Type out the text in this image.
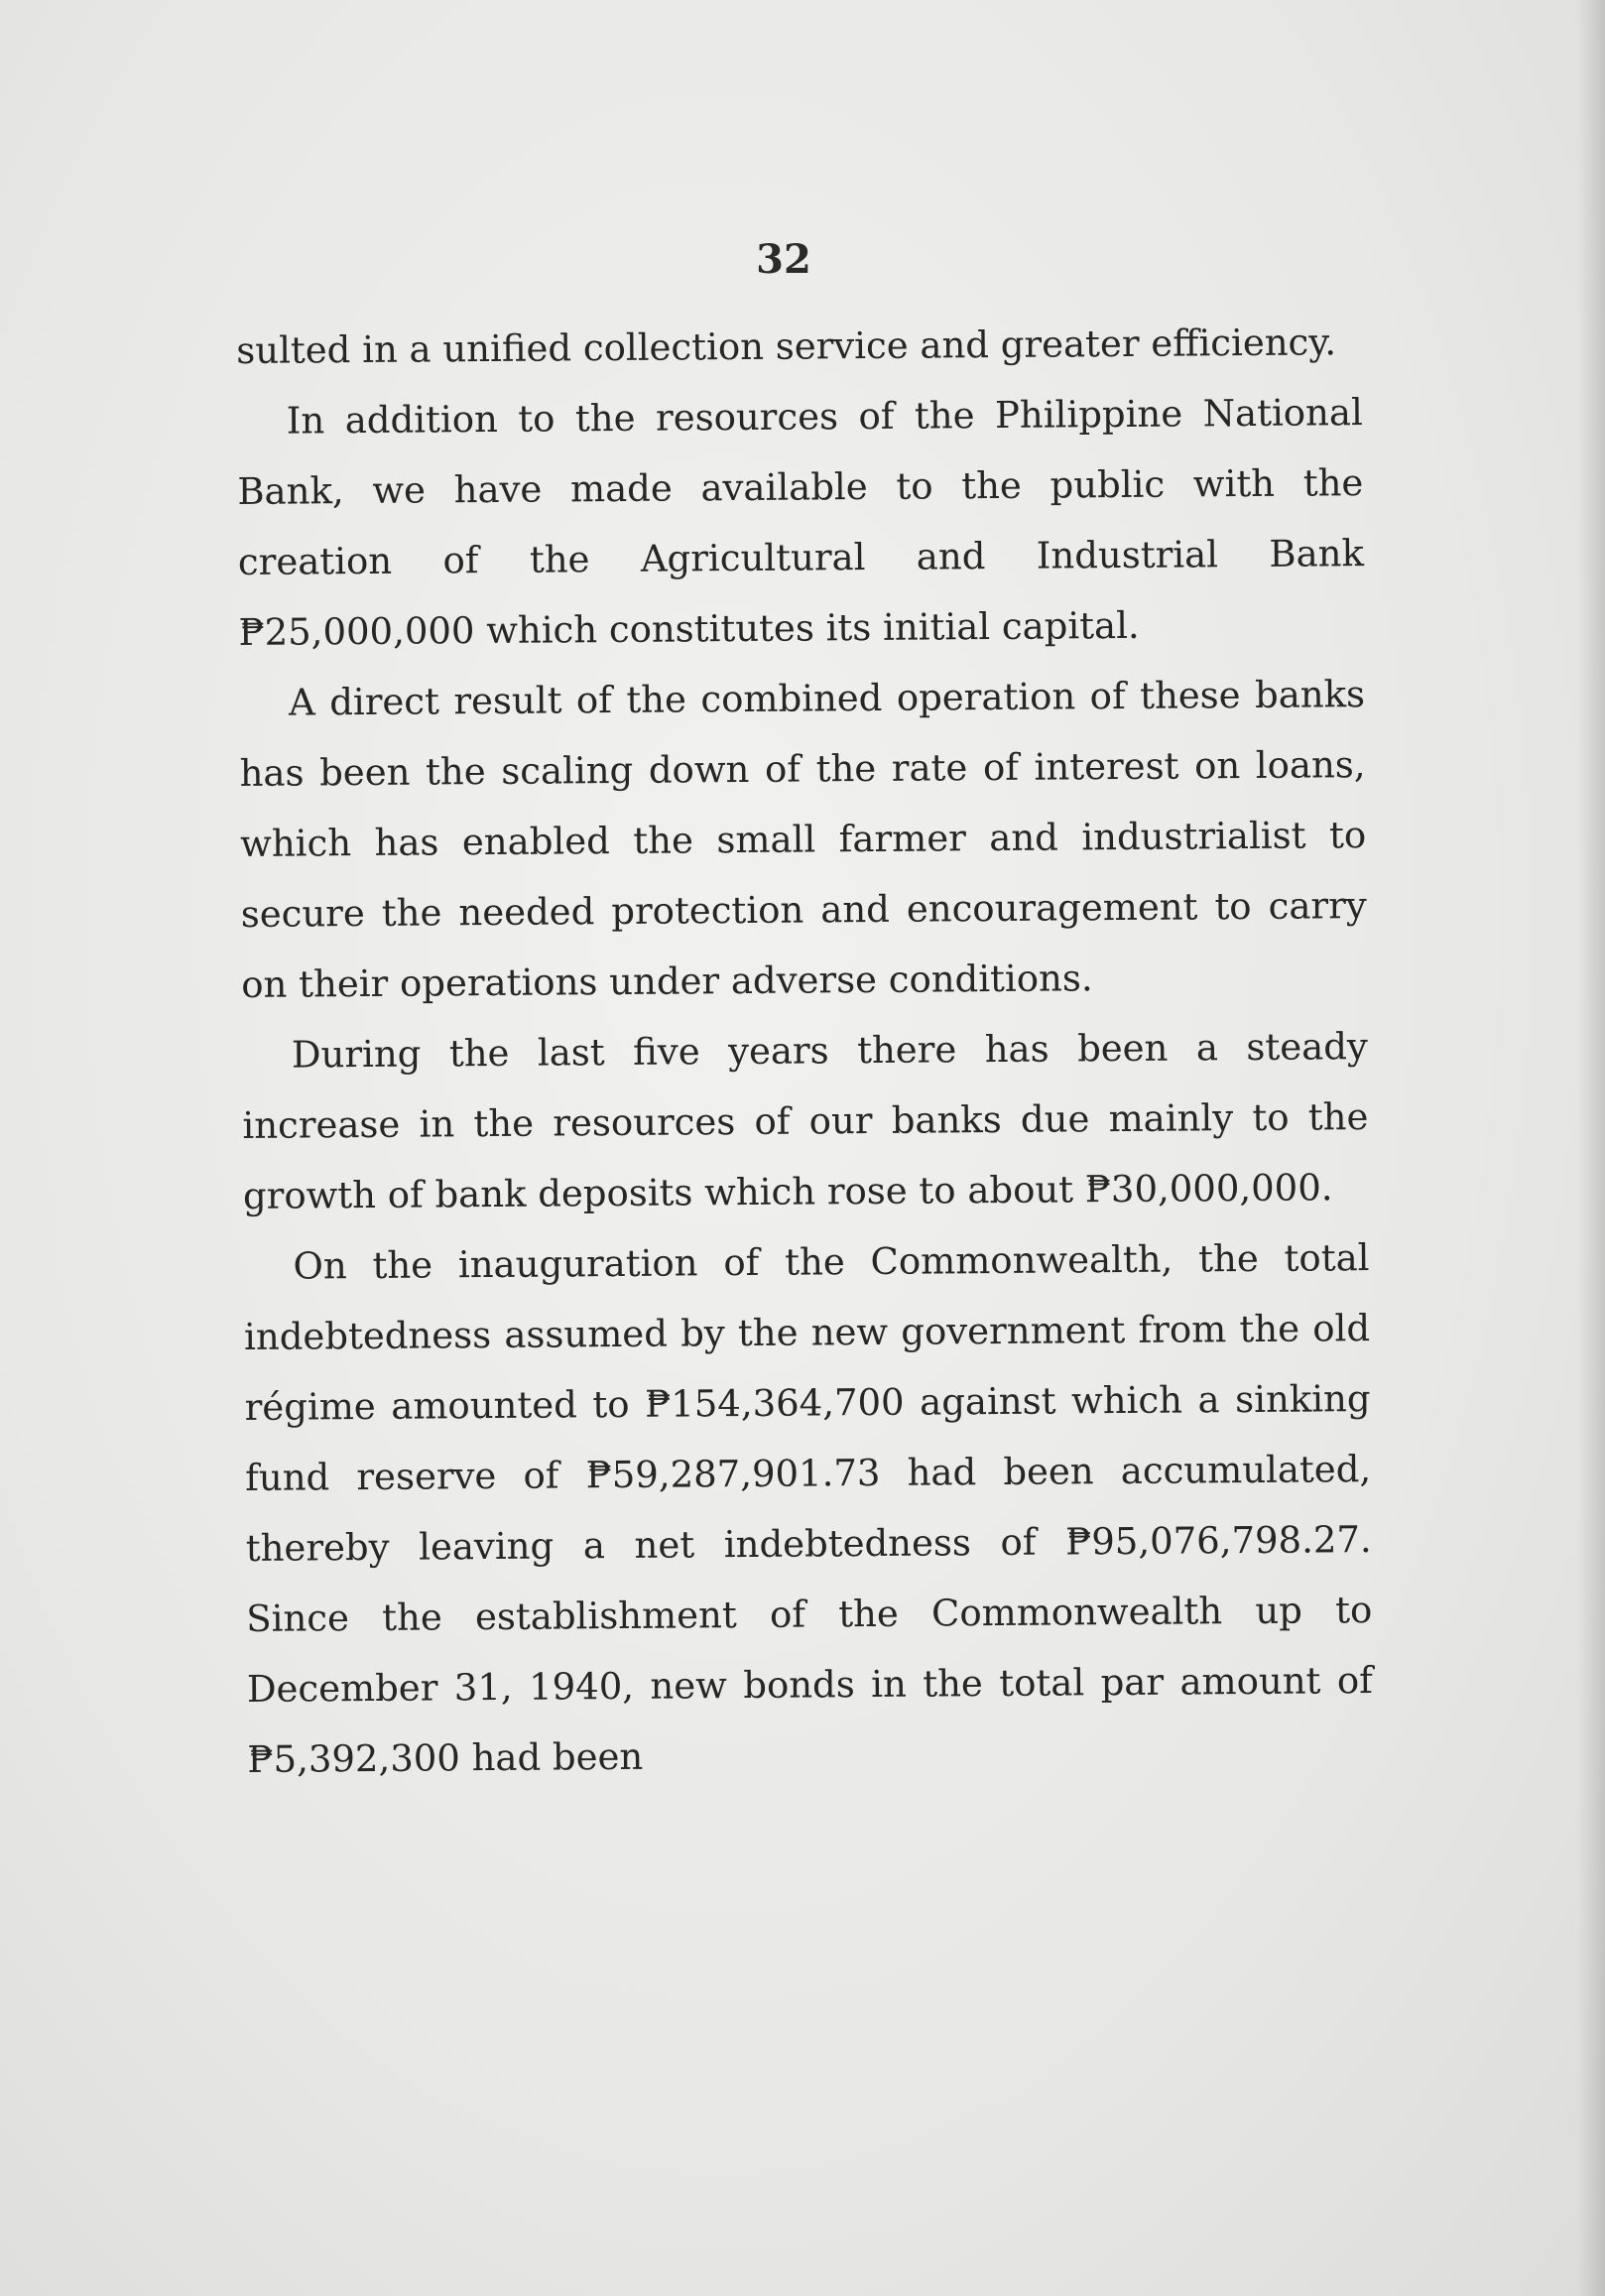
32

sulted in a unified collection service and greater efficiency.

In addition to the resources of the Philippine National Bank, we have made available to the public with the creation of the Agricultural and Industrial Bank ₱25,000,000 which constitutes its initial capital.

A direct result of the combined operation of these banks has been the scaling down of the rate of interest on loans, which has enabled the small farmer and industrialist to secure the needed protection and encouragement to carry on their operations under adverse conditions.

During the last five years there has been a steady increase in the resources of our banks due mainly to the growth of bank deposits which rose to about ₱30,000,000.

On the inauguration of the Commonwealth, the total indebtedness assumed by the new government from the old régime amounted to ₱154,364,700 against which a sinking fund reserve of ₱59,287,901.73 had been accumulated, thereby leaving a net indebtedness of ₱95,076,798.27. Since the establishment of the Commonwealth up to December 31, 1940, new bonds in the total par amount of ₱5,392,300 had been
